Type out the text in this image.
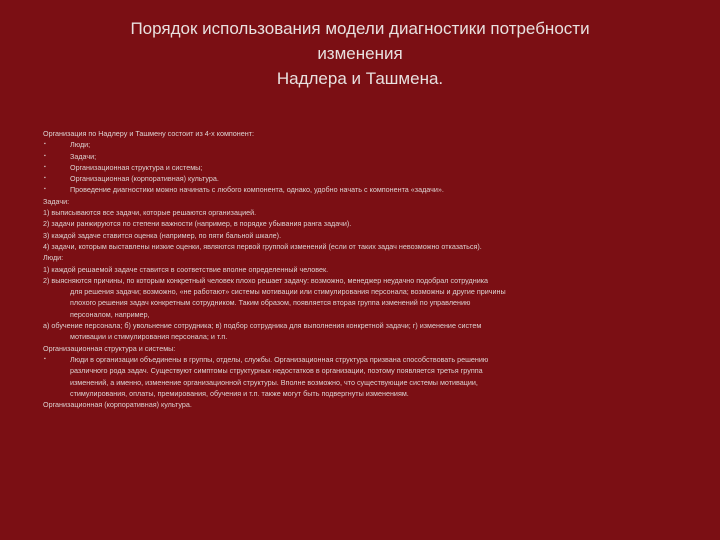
Порядок использования модели диагностики потребности
изменения
Надлера и Ташмена.
Организация по Надлеру и Ташмену состоит из 4-х компонент:
▪	Люди;
▪	Задачи;
▪	Организационная структура и системы;
▪	Организационная (корпоративная) культура.
▪	Проведение диагностики можно начинать с любого компонента, однако, удобно начать с компонента «задачи».
Задачи:
1) выписываются все задачи, которые решаются организацией.
2) задачи ранжируются по степени важности (например, в порядке убывания ранга задачи).
3) каждой задаче ставится оценка (например, по пяти бальной шкале).
4) задачи, которым выставлены низкие оценки, являются первой группой изменений (если от таких задач невозможно отказаться).
Люди:
1) каждой решаемой задаче ставится в соответствие вполне определенный человек.
2) выясняются причины, по которым конкретный человек плохо решает задачу: возможно, менеджер неудачно подобрал сотрудника
для решения задачи; возможно, «не работают» системы мотивации или стимулирования персонала; возможны и другие причины
плохого решения задач конкретным сотрудником. Таким образом, появляется вторая группа изменений по управлению
персоналом, например,
а) обучение персонала; б) увольнение сотрудника; в) подбор сотрудника для выполнения конкретной задачи; г) изменение систем
мотивации и стимулирования персонала; и т.п.
Организационная структура и системы:
▪	Люди в организации объединены в группы, отделы, службы. Организационная структура призвана способствовать решению
различного рода задач. Существуют симптомы структурных недостатков в организации, поэтому появляется третья группа
изменений, а именно, изменение организационной структуры. Вполне возможно, что существующие системы мотивации,
стимулирования, оплаты, премирования, обучения и т.п. также могут быть подвергнуты изменениям.
Организационная (корпоративная) культура.
